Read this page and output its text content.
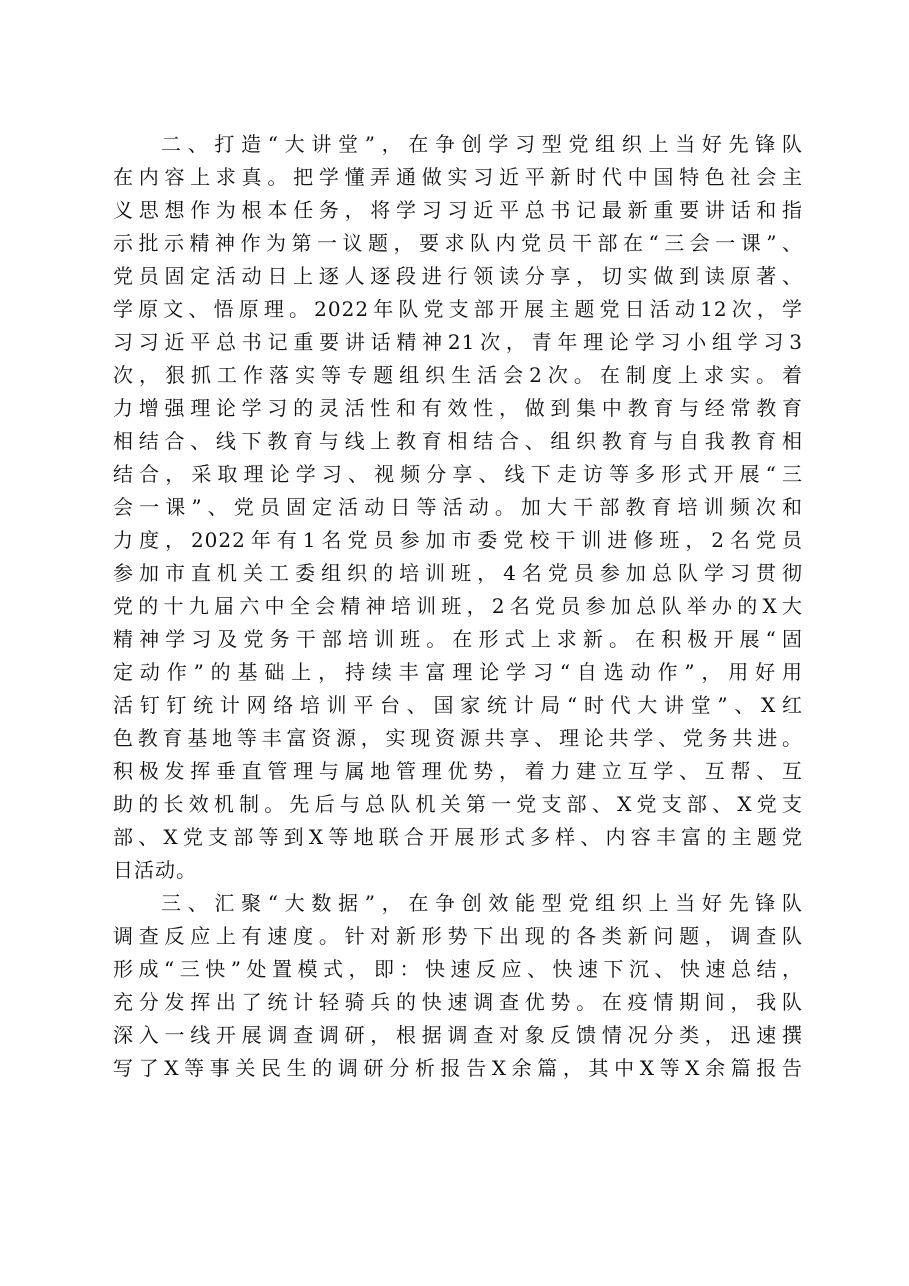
二、打造“大讲堂”，在争创学习型党组织上当好先锋队
在内容上求真。把学懂弄通做实习近平新时代中国特色社会主
义思想作为根本任务，将学习习近平总书记最新重要讲话和指
示批示精神作为第一议题，要求队内党员干部在“三会一课”、
党员固定活动日上逐人逐段进行领读分享，切实做到读原著、
学原文、悟原理。2022年队党支部开展主题党日活动12次，学
习习近平总书记重要讲话精神21次，青年理论学习小组学习3
次，狠抓工作落实等专题组织生活会2次。在制度上求实。着
力增强理论学习的灵活性和有效性，做到集中教育与经常教育
相结合、线下教育与线上教育相结合、组织教育与自我教育相
结合，采取理论学习、视频分享、线下走访等多形式开展“三
会一课”、党员固定活动日等活动。加大干部教育培训频次和
力度，2022年有1名党员参加市委党校干训进修班，2名党员
参加市直机关工委组织的培训班，4名党员参加总队学习贯彻
党的十九届六中全会精神培训班，2名党员参加总队举办的X大
精神学习及党务干部培训班。在形式上求新。在积极开展“固
定动作”的基础上，持续丰富理论学习“自选动作”，用好用
活钉钉统计网络培训平台、国家统计局“时代大讲堂”、X红
色教育基地等丰富资源，实现资源共享、理论共学、党务共进。
积极发挥垂直管理与属地管理优势，着力建立互学、互帮、互
助的长效机制。先后与总队机关第一党支部、X党支部、X党支
部、X党支部等到X等地联合开展形式多样、内容丰富的主题党
日活动。
三、汇聚“大数据”，在争创效能型党组织上当好先锋队
调查反应上有速度。针对新形势下出现的各类新问题，调查队
形成“三快”处置模式，即：快速反应、快速下沉、快速总结，
充分发挥出了统计轻骑兵的快速调查优势。在疫情期间，我队
深入一线开展调查调研，根据调查对象反馈情况分类，迅速撰
写了X等事关民生的调研分析报告X余篇，其中X等X余篇报告
